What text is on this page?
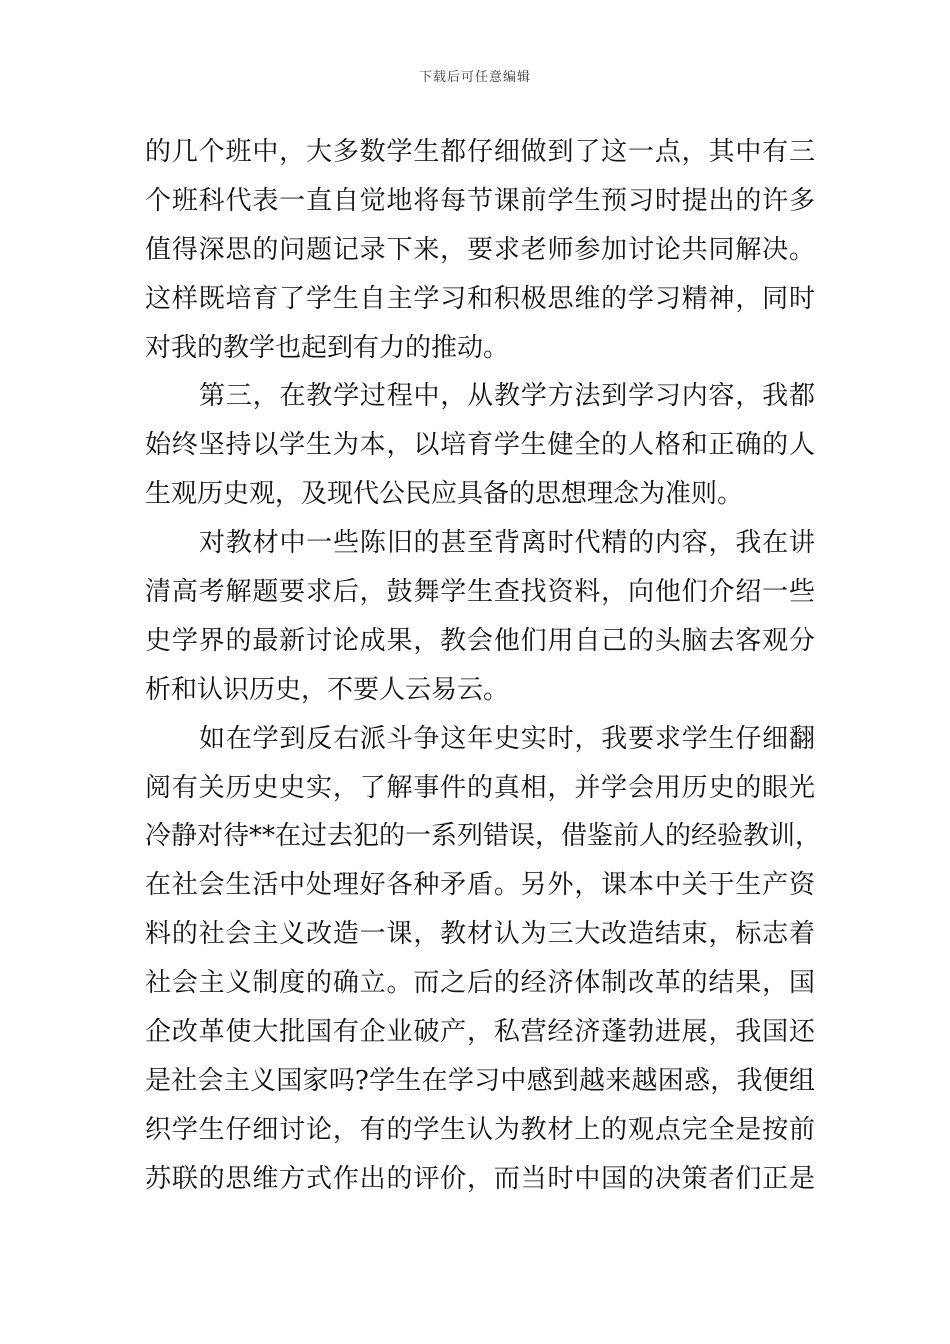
下载后可任意编辑
的几个班中，大多数学生都仔细做到了这一点，其中有三
个班科代表一直自觉地将每节课前学生预习时提出的许多
值得深思的问题记录下来，要求老师参加讨论共同解决。
这样既培育了学生自主学习和积极思维的学习精神，同时
对我的教学也起到有力的推动。
第三，在教学过程中，从教学方法到学习内容，我都
始终坚持以学生为本，以培育学生健全的人格和正确的人
生观历史观，及现代公民应具备的思想理念为准则。
对教材中一些陈旧的甚至背离时代精的内容，我在讲
清高考解题要求后，鼓舞学生查找资料，向他们介绍一些
史学界的最新讨论成果，教会他们用自己的头脑去客观分
析和认识历史，不要人云易云。
如在学到反右派斗争这年史实时，我要求学生仔细翻
阅有关历史史实，了解事件的真相，并学会用历史的眼光
冷静对待**在过去犯的一系列错误，借鉴前人的经验教训，
在社会生活中处理好各种矛盾。另外，课本中关于生产资
料的社会主义改造一课，教材认为三大改造结束，标志着
社会主义制度的确立。而之后的经济体制改革的结果，国
企改革使大批国有企业破产，私营经济蓬勃进展，我国还
是社会主义国家吗?学生在学习中感到越来越困惑，我便组
织学生仔细讨论，有的学生认为教材上的观点完全是按前
苏联的思维方式作出的评价，而当时中国的决策者们正是
